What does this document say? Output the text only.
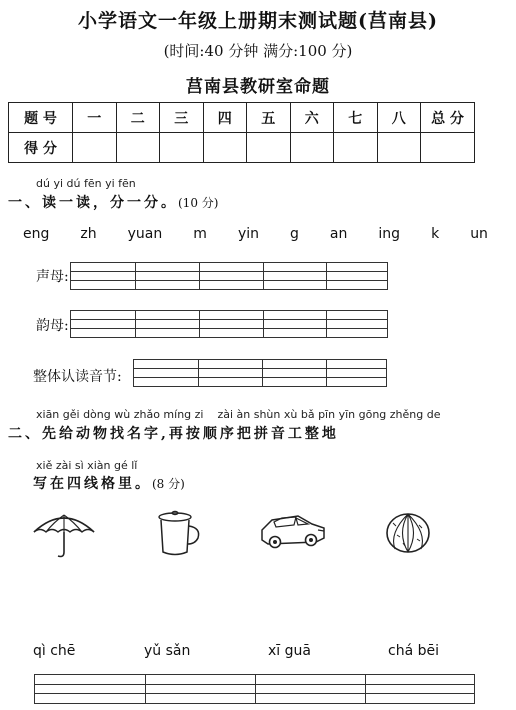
小学语文一年级上册期末测试题(莒南县)
(时间:40 分钟 满分:100 分)
莒南县教研室命题
题 号	一	二	三	四	五	六	七	八	总 分
得 分									
dú yi dú fēn yi fēn
一、读一读，分一分。(10 分)
eng zh yuan m yin g an ing k un
声母:
韵母:
整体认读音节:
xiān gěi dòng wù zhǎo míng zi    zài àn shùn xù bǎ pīn yīn gōng zhěng de
二、先给动物找名字,再按顺序把拼音工整地
xiě zài sì xiàn gé lǐ
写在四线格里。(8 分)
qì chē	yǔ sǎn	xī guā	chá bēi
